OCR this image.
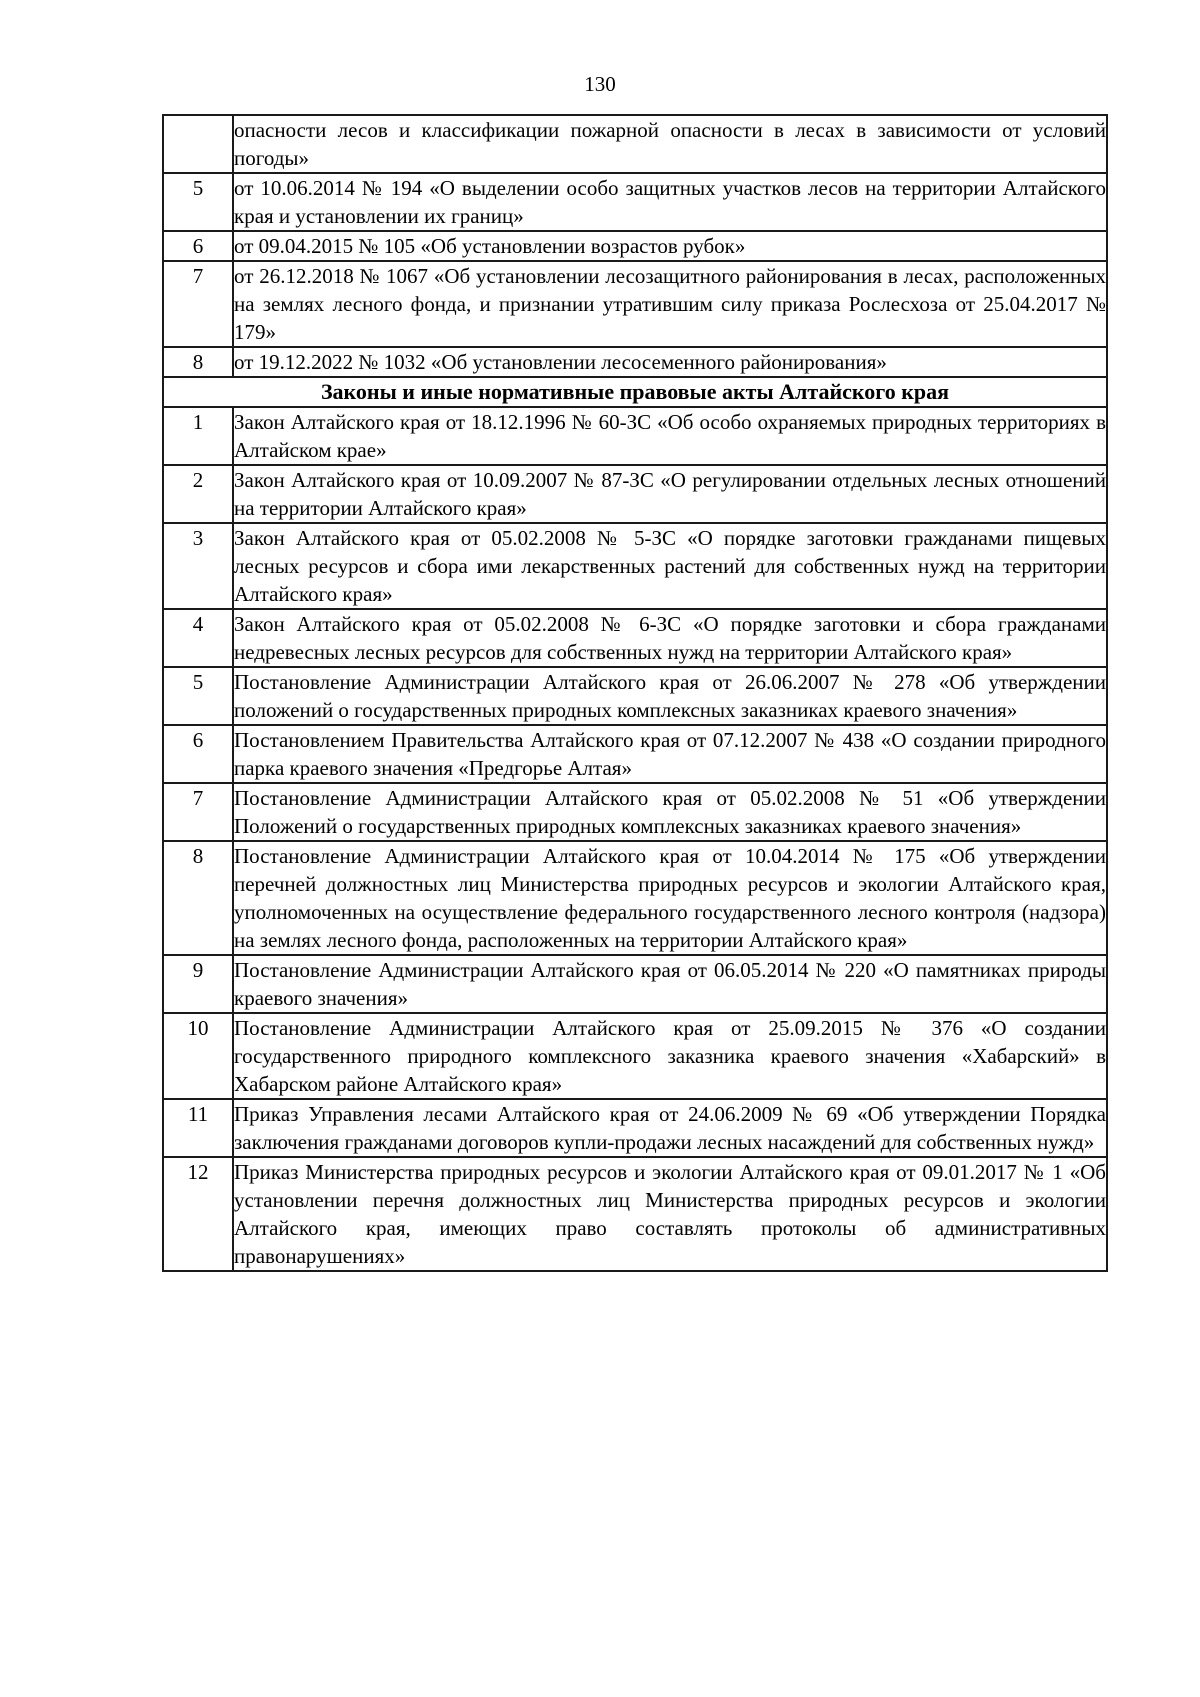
130
	опасности лесов и классификации пожарной опасности в лесах в зависимости от условий погоды»
5	от 10.06.2014 № 194 «О выделении особо защитных участков лесов на территории Алтайского края и установлении их границ»
6	от 09.04.2015 № 105 «Об установлении возрастов рубок»
7	от 26.12.2018 № 1067 «Об установлении лесозащитного районирования в лесах, расположенных на землях лесного фонда, и признании утратившим силу приказа Рослесхоза от 25.04.2017 № 179»
8	от 19.12.2022 № 1032 «Об установлении лесосеменного районирования»
Законы и иные нормативные правовые акты Алтайского края	
1	Закон Алтайского края от 18.12.1996 № 60-ЗС «Об особо охраняемых природных территориях в Алтайском крае»
2	Закон Алтайского края от 10.09.2007 № 87-ЗС «О регулировании отдельных лесных отношений на территории Алтайского края»
3	Закон Алтайского края от 05.02.2008 № 5-ЗС «О порядке заготовки гражданами пищевых лесных ресурсов и сбора ими лекарственных растений для собственных нужд на территории Алтайского края»
4	Закон Алтайского края от 05.02.2008 № 6-ЗС «О порядке заготовки и сбора гражданами недревесных лесных ресурсов для собственных нужд на территории Алтайского края»
5	Постановление Администрации Алтайского края от 26.06.2007 № 278 «Об утверждении положений о государственных природных комплексных заказниках краевого значения»
6	Постановлением Правительства Алтайского края от 07.12.2007 № 438 «О создании природного парка краевого значения «Предгорье Алтая»
7	Постановление Администрации Алтайского края от 05.02.2008 № 51 «Об утверждении Положений о государственных природных комплексных заказниках краевого значения»
8	Постановление Администрации Алтайского края от 10.04.2014 № 175 «Об утверждении перечней должностных лиц Министерства природных ресурсов и экологии Алтайского края, уполномоченных на осуществление федерального государственного лесного контроля (надзора) на землях лесного фонда, расположенных на территории Алтайского края»
9	Постановление Администрации Алтайского края от 06.05.2014 № 220 «О памятниках природы краевого значения»
10	Постановление Администрации Алтайского края от 25.09.2015 № 376 «О создании государственного природного комплексного заказника краевого значения «Хабарский» в Хабарском районе Алтайского края»
11	Приказ Управления лесами Алтайского края от 24.06.2009 № 69 «Об утверждении Порядка заключения гражданами договоров купли-продажи лесных насаждений для собственных нужд»
12	Приказ Министерства природных ресурсов и экологии Алтайского края от 09.01.2017 № 1 «Об установлении перечня должностных лиц Министерства природных ресурсов и экологии Алтайского края, имеющих право составлять протоколы об административных правонарушениях»
